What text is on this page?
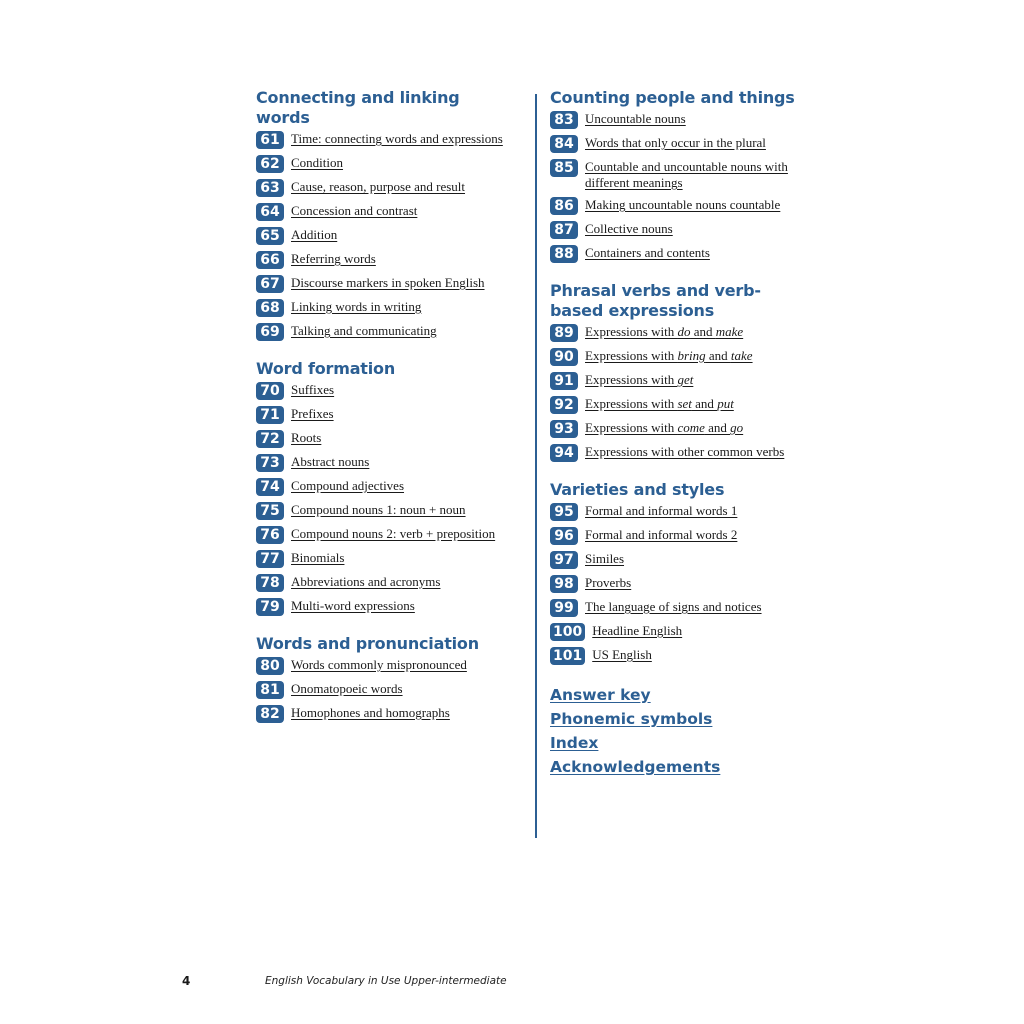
Connecting and linking words
61 Time: connecting words and expressions
62 Condition
63 Cause, reason, purpose and result
64 Concession and contrast
65 Addition
66 Referring words
67 Discourse markers in spoken English
68 Linking words in writing
69 Talking and communicating
Word formation
70 Suffixes
71 Prefixes
72 Roots
73 Abstract nouns
74 Compound adjectives
75 Compound nouns 1: noun + noun
76 Compound nouns 2: verb + preposition
77 Binomials
78 Abbreviations and acronyms
79 Multi-word expressions
Words and pronunciation
80 Words commonly mispronounced
81 Onomatopoeic words
82 Homophones and homographs
Counting people and things
83 Uncountable nouns
84 Words that only occur in the plural
85 Countable and uncountable nouns with different meanings
86 Making uncountable nouns countable
87 Collective nouns
88 Containers and contents
Phrasal verbs and verb-based expressions
89 Expressions with do and make
90 Expressions with bring and take
91 Expressions with get
92 Expressions with set and put
93 Expressions with come and go
94 Expressions with other common verbs
Varieties and styles
95 Formal and informal words 1
96 Formal and informal words 2
97 Similes
98 Proverbs
99 The language of signs and notices
100 Headline English
101 US English
Answer key
Phonemic symbols
Index
Acknowledgements
4	English Vocabulary in Use Upper-intermediate
